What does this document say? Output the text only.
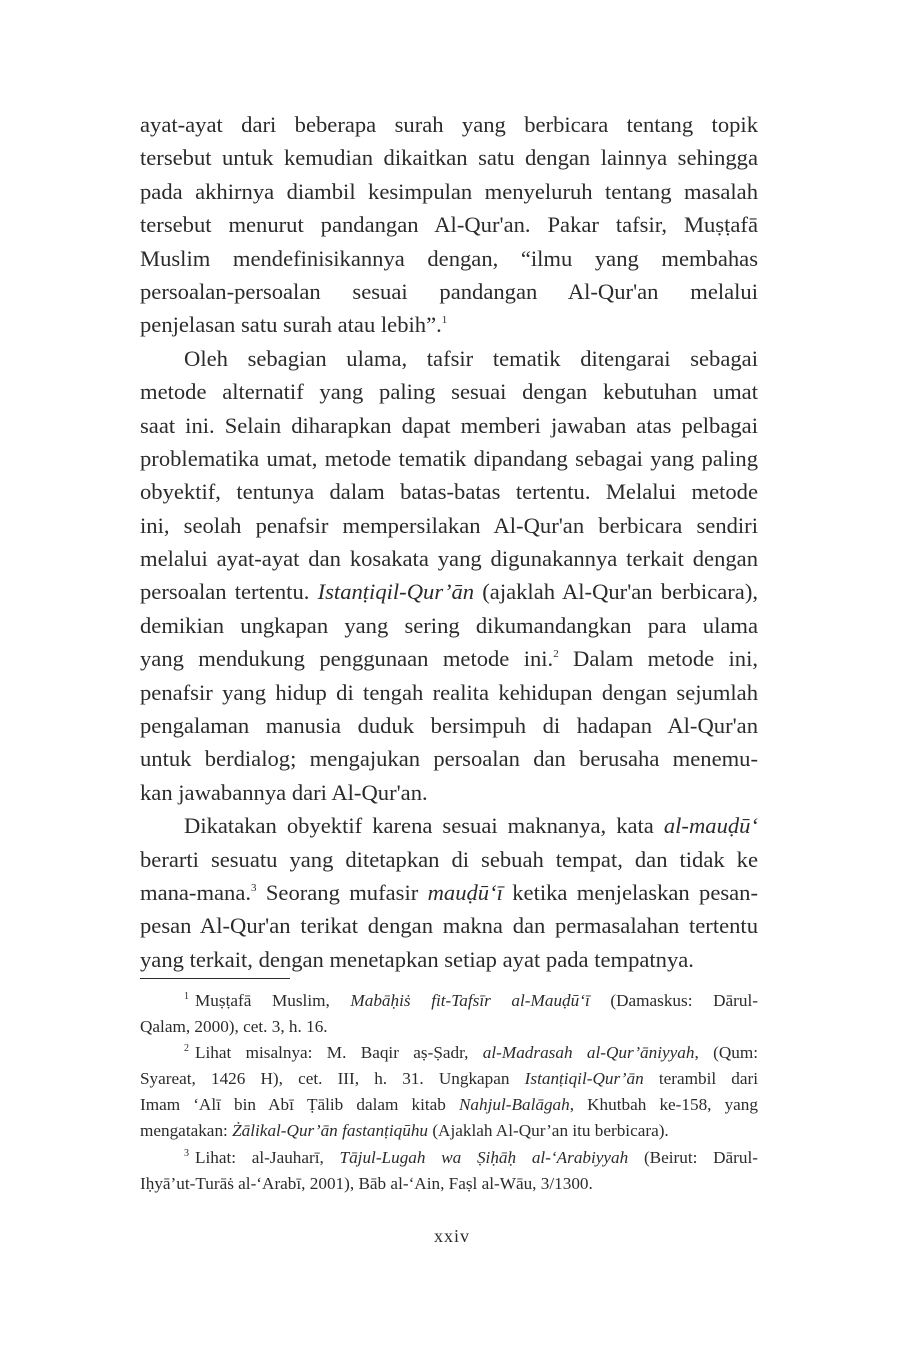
ayat-ayat dari beberapa surah yang berbicara tentang topik
tersebut untuk kemudian dikaitkan satu dengan lainnya sehingga
pada akhirnya diambil kesimpulan menyeluruh tentang masalah
tersebut menurut pandangan Al-Qur'an. Pakar tafsir, Muṣṭafā
Muslim mendefinisikannya dengan, “ilmu yang membahas
persoalan-persoalan sesuai pandangan Al-Qur'an melalui
penjelasan satu surah atau lebih”.$^1$
Oleh sebagian ulama, tafsir tematik ditengarai sebagai
metode alternatif yang paling sesuai dengan kebutuhan umat
saat ini. Selain diharapkan dapat memberi jawaban atas pelbagai
problematika umat, metode tematik dipandang sebagai yang paling
obyektif, tentunya dalam batas-batas tertentu. Melalui metode
ini, seolah penafsir mempersilakan Al-Qur'an berbicara sendiri
melalui ayat-ayat dan kosakata yang digunakannya terkait dengan
persoalan tertentu. Istanṭiqil-Qur’ān (ajaklah Al-Qur'an berbicara),
demikian ungkapan yang sering dikumandangkan para ulama
yang mendukung penggunaan metode ini.$^2$ Dalam metode ini,
penafsir yang hidup di tengah realita kehidupan dengan sejumlah
pengalaman manusia duduk bersimpuh di hadapan Al-Qur'an
untuk berdialog; mengajukan persoalan dan berusaha menemu-
kan jawabannya dari Al-Qur'an.
Dikatakan obyektif karena sesuai maknanya, kata al-mauḍū‘
berarti sesuatu yang ditetapkan di sebuah tempat, dan tidak ke
mana-mana.$^3$ Seorang mufasir mauḍū‘ī ketika menjelaskan pesan-
pesan Al-Qur'an terikat dengan makna dan permasalahan tertentu
yang terkait, dengan menetapkan setiap ayat pada tempatnya.
$^1$ Muṣṭafā Muslim, Mabāḥiṡ fit-Tafsīr al-Mauḍū‘ī (Damaskus: Dārul-
Qalam, 2000), cet. 3, h. 16.
$^2$ Lihat misalnya: M. Baqir aṣ-Ṣadr, al-Madrasah al-Qur’āniyyah, (Qum:
Syareat, 1426 H), cet. III, h. 31. Ungkapan Istanṭiqil-Qur’ān terambil dari
Imam ‘Alī bin Abī Ṭālib dalam kitab Nahjul-Balāgah, Khutbah ke-158, yang
mengatakan: Żālikal-Qur’ān fastanṭiqūhu (Ajaklah Al-Qur’an itu berbicara).
$^3$ Lihat: al-Jauharī, Tājul-Lugah wa Ṣiḥāḥ al-‘Arabiyyah (Beirut: Dārul-
Iḥyā’ut-Turāṡ al-‘Arabī, 2001), Bāb al-‘Ain, Faṣl al-Wāu, 3/1300.
xxiv
